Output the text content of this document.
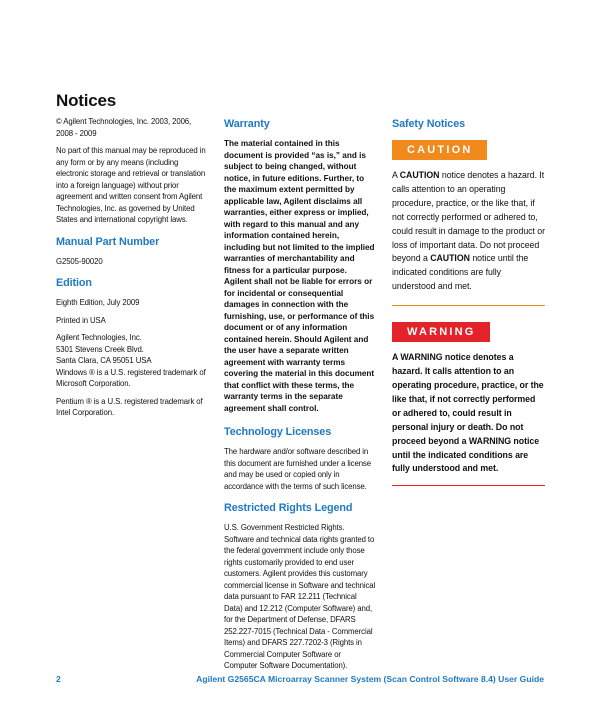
Notices

© Agilent Technologies, Inc. 2003, 2006, 2008 - 2009

No part of this manual may be reproduced in any form or by any means (including electronic storage and retrieval or translation into a foreign language) without prior agreement and written consent from Agilent Technologies, Inc. as governed by United States and international copyright laws.

Manual Part Number

G2505-90020

Edition

Eighth Edition, July 2009

Printed in USA

Agilent Technologies, Inc.

5301 Stevens Creek Blvd.

Santa Clara, CA 95051 USA

Windows ® is a U.S. registered trademark of Microsoft Corporation.

Pentium ® is a U.S. registered trademark of Intel Corporation.

Warranty

The material contained in this document is provided “as is,” and is subject to being changed, without notice, in future editions. Further, to the maximum extent permitted by applicable law, Agilent disclaims all warranties, either express or implied, with regard to this manual and any information contained herein, including but not limited to the implied warranties of merchantability and fitness for a particular purpose. Agilent shall not be liable for errors or for incidental or consequential damages in connection with the furnishing, use, or performance of this document or of any information contained herein. Should Agilent and the user have a separate written agreement with warranty terms covering the material in this document that conflict with these terms, the warranty terms in the separate agreement shall control.

Technology Licenses

The hardware and/or software described in this document are furnished under a license and may be used or copied only in accordance with the terms of such license.

Restricted Rights Legend

U.S. Government Restricted Rights. Software and technical data rights granted to the federal government include only those rights customarily provided to end user customers. Agilent provides this customary commercial license in Software and technical data pursuant to FAR 12.211 (Technical Data) and 12.212 (Computer Software) and, for the Department of Defense, DFARS 252.227-7015 (Technical Data - Commercial Items) and DFARS 227.7202-3 (Rights in Commercial Computer Software or Computer Software Documentation).

Safety Notices
CAUTION

A CAUTION notice denotes a hazard. It calls attention to an operating procedure, practice, or the like that, if not correctly performed or adhered to, could result in damage to the product or loss of important data. Do not proceed beyond a CAUTION notice until the indicated conditions are fully understood and met.

WARNING

A WARNING notice denotes a hazard. It calls attention to an operating procedure, practice, or the like that, if not correctly performed or adhered to, could result in personal injury or death. Do not proceed beyond a WARNING notice until the indicated conditions are fully understood and met.

2	Agilent G2565CA Microarray Scanner System (Scan Control Software 8.4) User Guide
